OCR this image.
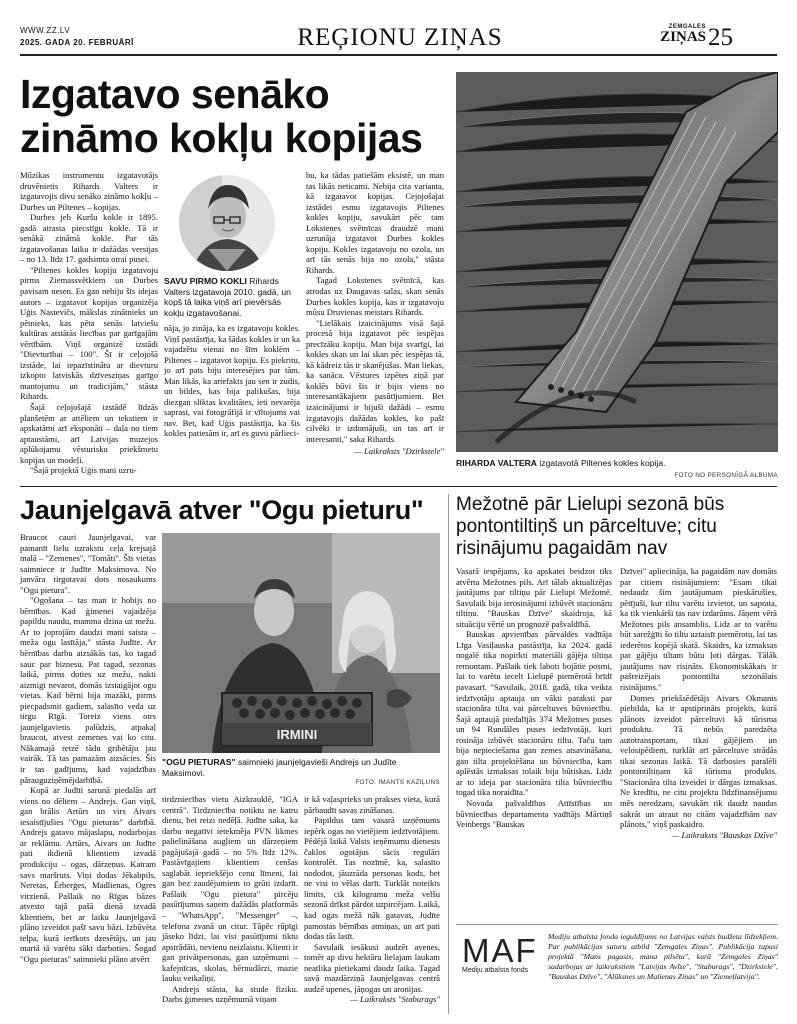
WWW.ZZ.LV
2025. GADA 20. FEBRUĀRĪ	REĢIONU ZIŅAS	ZEMGALES
ZIŅAS 25
Izgatavo senāko
zināmo kokļu kopijas

Mūzikas instrumentu izgatavotājs druvēnietis Rihards Valters ir izgatavojis divu senāko zināmo kokļu – Durbes un Piltenes – kopijas.

Durbes jeb Kuršu kokle ir 1895. gadā atrasta piecstīgu kokle. Tā ir senākā zināmā kokle. Par tās izgatavošanas laiku ir dažādas versijas – no 13. līdz 17. gadsimta otrai pusei.

"Piltenes kokles kopiju izgatavoju pirms Ziemassvētkiem un Durbes pavisam nesen. Es gan nebiju šīs idejas autors – izgatavot kopijas organizēja Uģis Nastevičs, mākslas zinātnieks un pētnieks, kas pēta senās latviešu kultūras atstātās liecības par garīgajām vērtībām. Viņš organizē izstādi "Dievturībai – 100". Šī ir ceļojošā izstāde, lai iepazīstinātu ar dievturu izkopto latviskās dzīvesziņas garīgo mantojumu un tradicijām," stāsta Rihards.

Šajā ceļojošajā izstādē līdzās planšetēm ar attēliem un tekstiem ir apskatāmi arī eksponāti – daļa no tiem aptaustāmi, arī Latvijas muzejos aplūkojamu vēsturisku priekšmetu kopijas un modeļi.

"Šajā projektā Uģis mani uzru-

SAVU PIRMO KOKLI Rihards Valters izgatavoja 2010. gadā, un kopš tā laika viņš arī pievērsās kokļu izgatavošanai.

nāja, jo zināja, ka es izgatavoju kokles. Viņš pastāstīja, ka šādas kokles ir un ka vajadzētu vienai no šīm koklēm – Piltenes – izgatavot kopiju. Es piekritu, jo arī pats biju interesējies par tām. Man likās, ka artefakts jau sen ir zudis, un bildes, kas bija palikušas, bija diezgan sliktas kvalitātes, ieti nevarēja saprast, vai fotogrāfijā ir vīltojums vai nav. Bet, kad Uģis pastāstīja, ka šis kokles patiesām ir, arī es guvu pārlieci-

bu, ka tādas patiešām eksistē, un man tas likās neticami. Nebija cita varianta, kā izgatavot kopijas. Cejojošajai izstādei esmu izgatavojis Piltenes kokles kopiju, savukārt pēc tam Lokstenes svētnīcas draudzē mani uzrunāja izgatavot Durbes kokles kopiju. Kokles izgatavoju no ozola, un arī tās senās bija no ozola," stāsta Rihards.

Tagad Lokstenes svētnīcā, kas atrodas uz Daugavas salas, skan senās Durbes kokles kopija, kas ir izgatavoju mūsu Druvienas meistars Rihards.

"Lielākais izaicinājums visā šajā procesā bija izgatavot pēc iespējas precīzāku kopiju. Man bija svarīgi, lai kokles skan un lai skan pēc iespējas tā, kā kādreiz tās ir skanējušas. Man liekas, ka sanāca. Vēstures izpētes ziņā par koklēs būvi šis ir bijis viens no interesantākajiem pasūtījumiem. Bet izaicinājumi ir bijuši dažādi – esmu izgatavojis dažādas kokles, ko pašī cilvēki ir izdomājuši, un tas arī ir interesanti," saka Rihards.

— Laikraksts "Dzirkstele"
RIHARDA VALTERA izgatavotā Piltenes kokles kopija.
FOTO NO PERSONĪGĀ ALBUMA
Jaunjelgavā atver "Ogu pieturu"

Braucot cauri Jaunjelgavai, var pamanīt lielu uzrakstu ceļa krejsajā malā – "Zemenes", "Tomāti". Šīs vietas saimniece ir Judīte Maksimova. No janvāra tirgotavai dots nosaukums "Ogu pietura".

"Ogošana – tas man ir hobijs no bērnības. Kad ģimenei vajadzēja papildu naudu, mamma dzina uz mežu. Ar to joprojām daudzi mani saista – meža ogu lasītāja," stāsta Judīte. Ar bērnības darbu aizsākās tas, ko tagad sauc par biznesu. Pat tagad, sezonas laikā, pirms doties uz mežu, nakti aizmigt nevarot, domās izstaigājot ogu vietas. Kad bērni bija mazāki, pirms piecpadsmit gadiem, salasīto veda uz tirgu Rīgā. Toreiz viens otrs jaunjelgavietis palūdzis, atpakaļ braucot, atvest zemenes vai ko citu. Nākamajā reizē tādu gribētāju jau vairāk. Tā tas pamazām aizsācies. Šis ir tas gadījums, kad vajadzības pārauguziņēmējdarbībā.

Kopā ar Judīti sarunā piedalās arī viens no dēliem – Andrejs. Gan viņš, gan brālis Artūrs un virs Aivars iesaistījušies "Ogu pieturas" darbībā. Andrejs gatavo mājaslapu, nodarbojas ar reklāmu. Artūrs, Aivars un Judīte pati ikdienā klientiem izvadā produkciju – ogas, dārzeņus. Katram savs maršruts. Viņi dodas Jēkabpils, Neretas, Ērberģes, Madlienas, Ogres virzienā. Pašlaik no Rīgas bāzes atvesto tajā pašā dienā izvadā klientiem, bet ar laiku Jaunjelgavā plāno izveidot pašī savu bāzi. Izbūvēta telpa, kurā ierīkots dzesētājs, un jau martā tā varētu sākt darboties. Šogad "Ogu pieturas" saimnieki plāno atvērt

IRMINI
"OGU PIETURAS" saimnieki jaunjelgavieši Andrejs un Judīte Maksimovi.
FOTO: IMANTS KAZIĻUNS

tirdzniecības vietu Aizkrauklē, "IGA centrā". Tirdzniecība notiktu ne katru dienu, bet reizi nedēļā. Judīte saka, ka darbu negatīvi ietekmēja PVN likmes palielināšana augļiem un dārzeņiem pagājušajā gadā – no 5% līdz 12%. Pastāvīgajiem klientiem cenšas saglabāt iepriekšējo cenu līmeni, lai gan bez zaudējumiem to grūti izdarīt. Pašlaik "Ogu pietura" pircēju pasūtījumus saņem dažādās platformās – "WhatsApp", "Messenger" –, telefona zvanā un citur. Tāpēc rūpīgi jāseko līdzi, lai visi pasūtījumi tiktu apstrādāti, nevienu neizlaistu. Klienti ir gan privātpersonas, gan uzņēmumi – kafejnīcas, skolas, bērnudārzi, mazie lauku veikaliņi.

Andrejs stāsta, ka stude fiziku. Darbs ģimenes uzņēmumā viņam

ir kā vaļasprieks un prakses vieta, kurā pārbaudīt savas zināšanas.

Papildus tam vasarā uzņēmums iepērk ogas no vietējiem iedzīvotājiem. Pēdējā laikā Valsts ieņēmumu dienests čaklos ogotājus sācis regulāri kontrolēt. Tas nozīmē, ka, salasīto nododot, jāuzrāda personas kods, bet ne visi to vēlas darīt. Turklāt noteikts limits, cik kilogramu meža velšu sezonā drīkst pārdot uzpircējam. Laikā, kad ogas mežā nāk gatavas, Judīte pamostas bērnības atmiņas, un arī pati dodas tās lasīt.

Savulaik iesākusi audzēt avenes, tomēr ap divu hektāru lielajam laukam neatlika pietiekami daudz laika. Tagad savā mazdārziņā Jaunjelgavas centrā audzē upenes, jāņogas un aronijas.

— Laikraksts "Staburags"
Mežotnē pār Lielupi sezonā būs
pontontiltiņš un pārceltuve; citu
risinājumu pagaidām nav

Vasarā iespējams, ka apskatei beidzot tiks atvērta Mežotnes pils. Arī tālab aktualizējas jautājums par tiltiņu pār Lielupi Mežotnē. Savulaik bija ierosinājumi izbūvēt stacionāru tiltiņu. "Bauskas Dzīve" skaidroja, kā situāciju vērtē un prognozē pašvaldībā.

Bauskas apvienības pārvaldes vadītāja Līga Vasiļauska pastāstīja, ka 2024. gadā nogalē tika nopirkti materiāli gājēja tiltiņa remontam. Pašlaik tiek laboti bojātie posmi, lai to varētu iecelt Lielupē piemērotā brīdī pavasarī. "Savulaik, 2018. gadā, tika veikta iedzīvotāju aptauja un vākti paraksti par stacionāra tilta vai pārceltuves būvniecību. Šajā aptaujā piedalījās 374 Mežotnes puses un 94 Rundāles puses iedzīvotāji, kuri rosināja izbūvēt stacionāru tiltu. Taču tam bija nepieciešama gan zemes atsavināšana, gan tilta projektēšana un būvniecība, kam aplēstās izmaksas tolaik bija būtiskas. Lidz ar to ideja par stacionāra tilta būvniecību togad tika noraidīta."

Novada pašvaldības Attīstības un būvniecības departamenta vadītājs Mārtiņš Veinbergs "Bauskas

Dzīvei" apliecināja, ka pagaidām nav domāts par citiem risinājumiem: "Esam tikai nedaudz šim jautājumam pieskārušies, pētījuši, kur tiltu varētu izvietot, un saprata, ka tik vienkārši tas nav izdarāms. Jāņem vērā Mežotnes pils ansamblis. Lidz ar to varētu būt sarežģīti šo tiltu uztaisīt piemērotu, lai tas iederētos kopējā skatā. Skaidrs, ka izmaksas pat gājēju tiltam būtu ļoti dārgas. Tālāk jautājums nav risināts. Ekonomiskākais ir pašreizējais pontontilta sezonālais risinājums."

Domes priekšsēdētājs Aivars Okmanis piebilda, ka ir apstiprināts projekts, kurā plānots izveidot pārceltuvi kā tūrisma produktu. Tā nebūs paredzēta autotransportam, tikai gājējiem un velosipēdiem, turklāt arī pārceltuve strādās tikai sezonas laikā. Tā darbosies paralēli pontontiltiņam kā tūrisma produkts. "Stacionāra tilta izveidei ir dārgas izmaksas. Ne kredītu, ne citu projektu līdzfinansējumu mēs neredzam, savukārt tik daudz naudas sakrāt un atraut no citām vajadzībām nav plānots," viņš paskaidro.

— Laikraksts "Bauskas Dzīve"
MAF
Mediju atbalsta fonds
Mediju atbalsta fonda ieguldījums no Latvijas valsts budžeta līdzekļiem. Par publikācijas saturu atbild "Zemgales Ziņas". Publikācija tapusi projektā "Mans pagasts, mana pilsēta", kurā "Zemgales Ziņas" sadarbojas ar laikrakstiem "Latvijas Avīze", "Staburags", "Dzirkstele", "Bauskas Dzīve", "Alūksnes un Malienas Ziņas" un "Ziemeļlatvija".
